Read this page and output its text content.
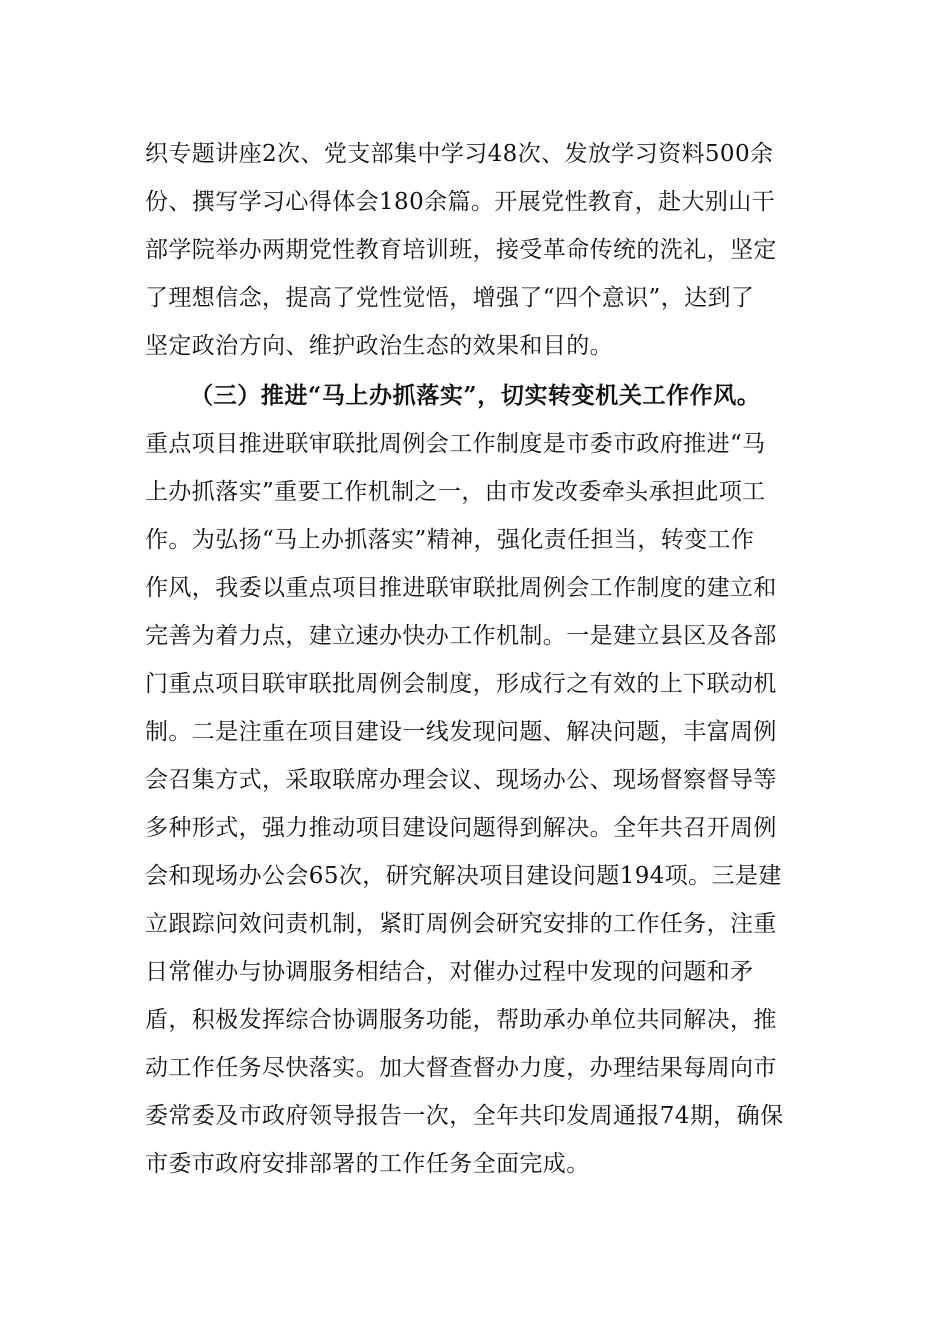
织专题讲座2次、党支部集中学习48次、发放学习资料500余
份、撰写学习心得体会180余篇。开展党性教育，赴大别山干
部学院举办两期党性教育培训班，接受革命传统的洗礼，坚定
了理想信念，提高了党性觉悟，增强了“四个意识”，达到了
坚定政治方向、维护政治生态的效果和目的。
（三）推进“马上办抓落实”，切实转变机关工作作风。
重点项目推进联审联批周例会工作制度是市委市政府推进“马
上办抓落实”重要工作机制之一，由市发改委牵头承担此项工
作。为弘扬“马上办抓落实”精神，强化责任担当，转变工作
作风，我委以重点项目推进联审联批周例会工作制度的建立和
完善为着力点，建立速办快办工作机制。一是建立县区及各部
门重点项目联审联批周例会制度，形成行之有效的上下联动机
制。二是注重在项目建设一线发现问题、解决问题，丰富周例
会召集方式，采取联席办理会议、现场办公、现场督察督导等
多种形式，强力推动项目建设问题得到解决。全年共召开周例
会和现场办公会65次，研究解决项目建设问题194项。三是建
立跟踪问效问责机制，紧盯周例会研究安排的工作任务，注重
日常催办与协调服务相结合，对催办过程中发现的问题和矛
盾，积极发挥综合协调服务功能，帮助承办单位共同解决，推
动工作任务尽快落实。加大督查督办力度，办理结果每周向市
委常委及市政府领导报告一次，全年共印发周通报74期，确保
市委市政府安排部署的工作任务全面完成。
